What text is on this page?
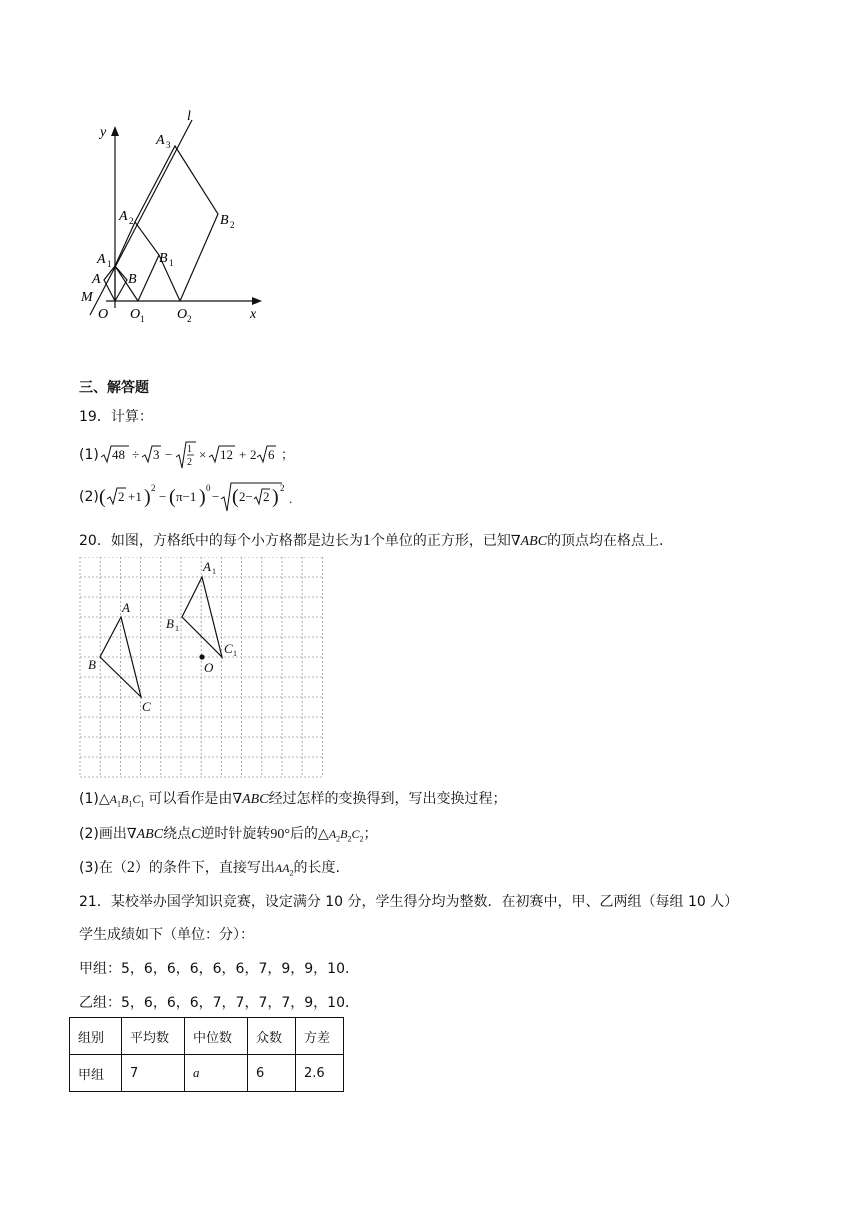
y
x
l
M
O O 1 O 2
A B
A 1	B 1
A 2	B 2
A 3
三、解答题
19．计算：
(1) 48 ÷ 3 − 1
2
× 12 + 2 6 ；
(2) ( 2 +1 ) 2
− ( π−1 ) 0
− ( 2− 2 ) 2
.
20．如图，方格纸中的每个小方格都是边长为 1 个单位的正方形，已知 ∇ ABC 的顶点均在格点上.
A
B
C
A
B
C
O
1
1
1
(1) △ $A_1B_1C_1$ 可以看作是由 ∇ ABC 经过怎样的变换得到，写出变换过程；
(2)画出 ∇ ABC 绕点 C 逆时针旋转 90° 后的 △ $A_2B_2C_2$ ；
(3)在（ 2 ）的条件下，直接写出 $AA_2$ 的长度.
21．某校举办国学知识竞赛，设定满分 10 分，学生得分均为整数．在初赛中，甲、乙两组（每组 10 人）
学生成绩如下（单位：分）：
甲组：5，6，6，6，6，6，7，9，9，10．
乙组：5，6，6，6，7，7，7，7，9，10．
组别	平均数	中位数	众数	方差
甲组	7	a	6	2.6
